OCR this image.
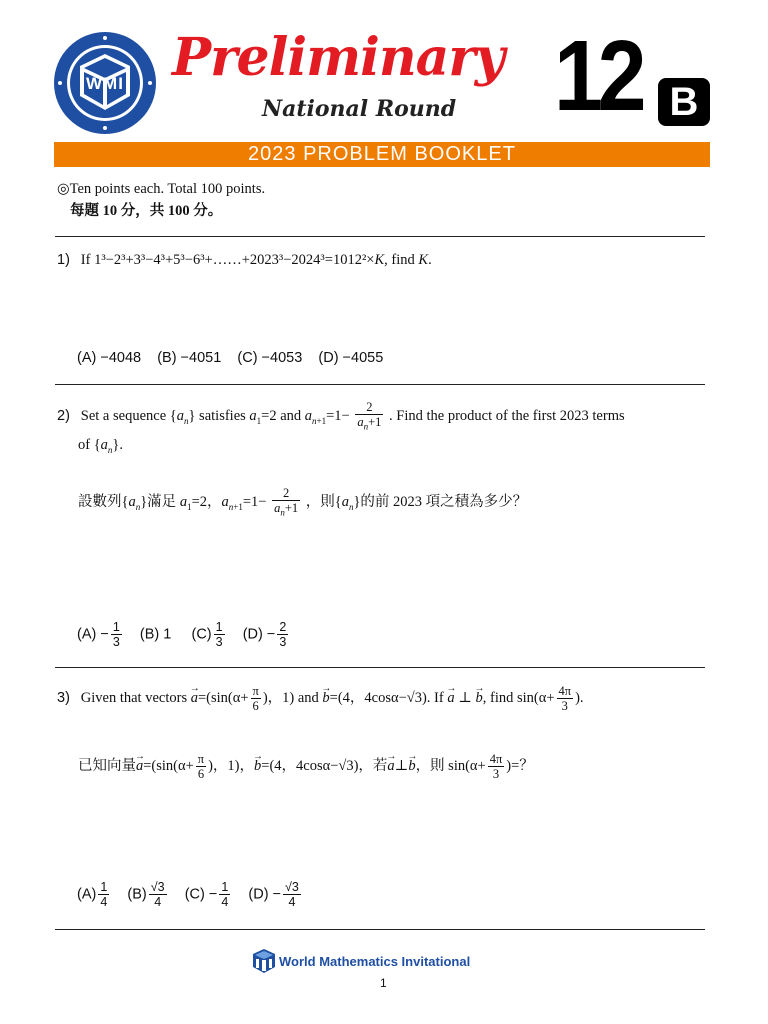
WMI Preliminary
National Round 12 B
2023 PROBLEM BOOKLET
◎Ten points each. Total 100 points.
每題 10 分，共 100 分。
1) If 1³−2³+3³−4³+5³−6³+……+2023³−2024³=1012²×K, find K.
(A) −4048    (B) −4051    (C) −4053    (D) −4055
2) Set a sequence $\{a_n\}$ satisfies $a_1=2$ and $a_{n+1}=1- \frac{2}{a_n+1}$ . Find the product of the first 2023 terms
of $\{a_n\}$.
設數列$\{a_n\}$滿足 $a_1=2$，$a_{n+1}=1- \frac{2}{a_n+1}$ ，則$\{a_n\}$的前 2023 項之積為多少？
$(A) - \frac{1}{3} (B)$ 1 $(C) \frac{1}{3} (D) - \frac{2}{3}$
3) Given that vectors → $a=(\sin(\alpha+ \frac{\pi}{6}$ )，1) and → b=(4，4cosα−√3). If → a ⊥ → b, find $\sin(\alpha+ \frac{4\pi}{3}$ ).
已知向量→ $a=(\sin(\alpha+ \frac{\pi}{6}$ )，1)，→ b=(4，4cosα−√3)，若→ a⊥→ b，則 $\sin(\alpha+ \frac{4\pi}{3}$ )=？
$(A) \frac{1}{4} (B) \frac{√3}{4} (C) - \frac{1}{4} (D) - \frac{√3}{4}$
World Mathematics Invitational
1
